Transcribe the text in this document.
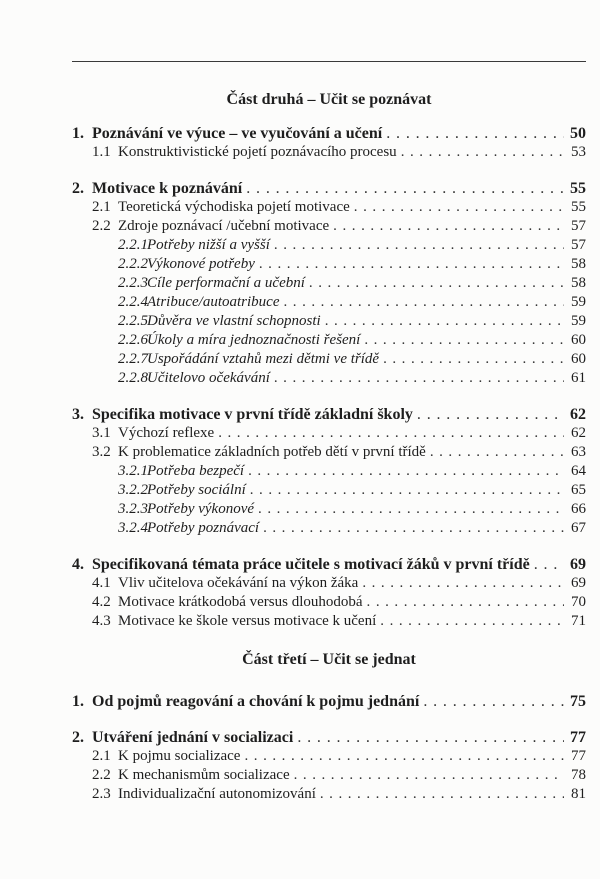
Část druhá – Učit se poznávat
1. Poznávání ve výuce – ve vyučování a učení . . .	50
1.1 Konstruktivistické pojetí poznávacího procesu . . .	53
2. Motivace k poznávání . . .	55
2.1 Teoretická východiska pojetí motivace . . .	55
2.2 Zdroje poznávací /učební motivace . . .	57
2.2.1 Potřeby nižší a vyšší . . .	57
2.2.2 Výkonové potřeby . . .	58
2.2.3 Cíle performační a učební . . .	58
2.2.4 Atribuce/autoatribuce . . .	59
2.2.5 Důvěra ve vlastní schopnosti . . .	59
2.2.6 Úkoly a míra jednoznačnosti řešení . . .	60
2.2.7 Uspořádání vztahů mezi dětmi ve třídě . . .	60
2.2.8 Učitelovo očekávání . . .	61
3. Specifika motivace v první třídě základní školy . . .	62
3.1 Výchozí reflexe . . .	62
3.2 K problematice základních potřeb dětí v první třídě . . .	63
3.2.1 Potřeba bezpečí . . .	64
3.2.2 Potřeby sociální . . .	65
3.2.3 Potřeby výkonové . . .	66
3.2.4 Potřeby poznávací . . .	67
4. Specifikovaná témata práce učitele s motivací žáků v první třídě . . .	69
4.1 Vliv učitelova očekávání na výkon žáka . . .	69
4.2 Motivace krátkodobá versus dlouhodobá . . .	70
4.3 Motivace ke škole versus motivace k učení . . .	71
Část třetí – Učit se jednat
1. Od pojmů reagování a chování k pojmu jednání . . .	75
2. Utváření jednání v socializaci . . .	77
2.1 K pojmu socializace . . .	77
2.2 K mechanismům socializace . . .	78
2.3 Individualizační autonomizování . . .	81
